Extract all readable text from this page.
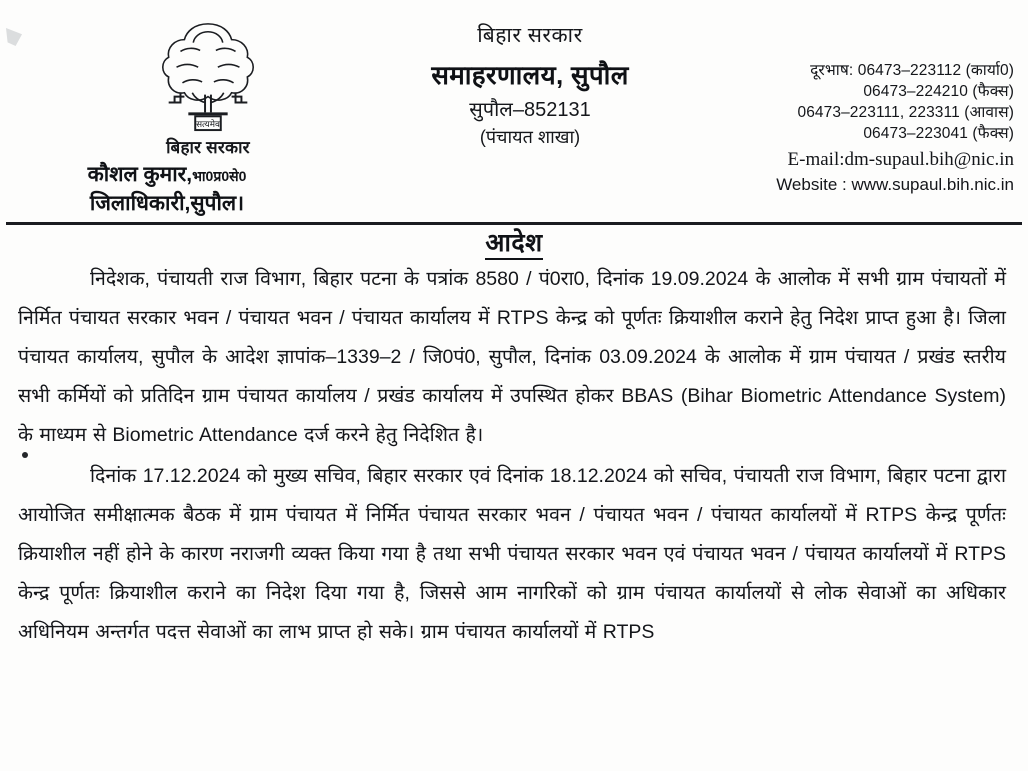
सत्यमेव
बिहार सरकार
कौशल कुमार,भा0प्र0से0
जिलाधिकारी,सुपौल।
बिहार सरकार
समाहरणालय, सुपौल
सुपौल–852131
(पंचायत शाखा)
दूरभाष: 06473–223112 (कार्या0)
06473–224210 (फैक्स)
06473–223111, 223311 (आवास)
06473–223041 (फैक्स)
E-mail:dm-supaul.bih@nic.in
Website : www.supaul.bih.nic.in
आदेश

निदेशक, पंचायती राज विभाग, बिहार पटना के पत्रांक 8580 / पं0रा0, दिनांक 19.09.2024 के आलोक में सभी ग्राम पंचायतों में निर्मित पंचायत सरकार भवन / पंचायत भवन / पंचायत कार्यालय में RTPS केन्द्र को पूर्णतः क्रियाशील कराने हेतु निदेश प्राप्त हुआ है। जिला पंचायत कार्यालय, सुपौल के आदेश ज्ञापांक–1339–2 / जि0पं0, सुपौल, दिनांक 03.09.2024 के आलोक में ग्राम पंचायत / प्रखंड स्तरीय सभी कर्मियों को प्रतिदिन ग्राम पंचायत कार्यालय / प्रखंड कार्यालय में उपस्थित होकर BBAS (Bihar Biometric Attendance System) के माध्यम से Biometric Attendance दर्ज करने हेतु निदेशित है।

दिनांक 17.12.2024 को मुख्य सचिव, बिहार सरकार एवं दिनांक 18.12.2024 को सचिव, पंचायती राज विभाग, बिहार पटना द्वारा आयोजित समीक्षात्मक बैठक में ग्राम पंचायत में निर्मित पंचायत सरकार भवन / पंचायत भवन / पंचायत कार्यालयों में RTPS केन्द्र पूर्णतः क्रियाशील नहीं होने के कारण नराजगी व्यक्त किया गया है तथा सभी पंचायत सरकार भवन एवं पंचायत भवन / पंचायत कार्यालयों में RTPS केन्द्र पूर्णतः क्रियाशील कराने का निदेश दिया गया है, जिससे आम नागरिकों को ग्राम पंचायत कार्यालयों से लोक सेवाओं का अधिकार अधिनियम अन्तर्गत पदत्त सेवाओं का लाभ प्राप्त हो सके। ग्राम पंचायत कार्यालयों में RTPS
